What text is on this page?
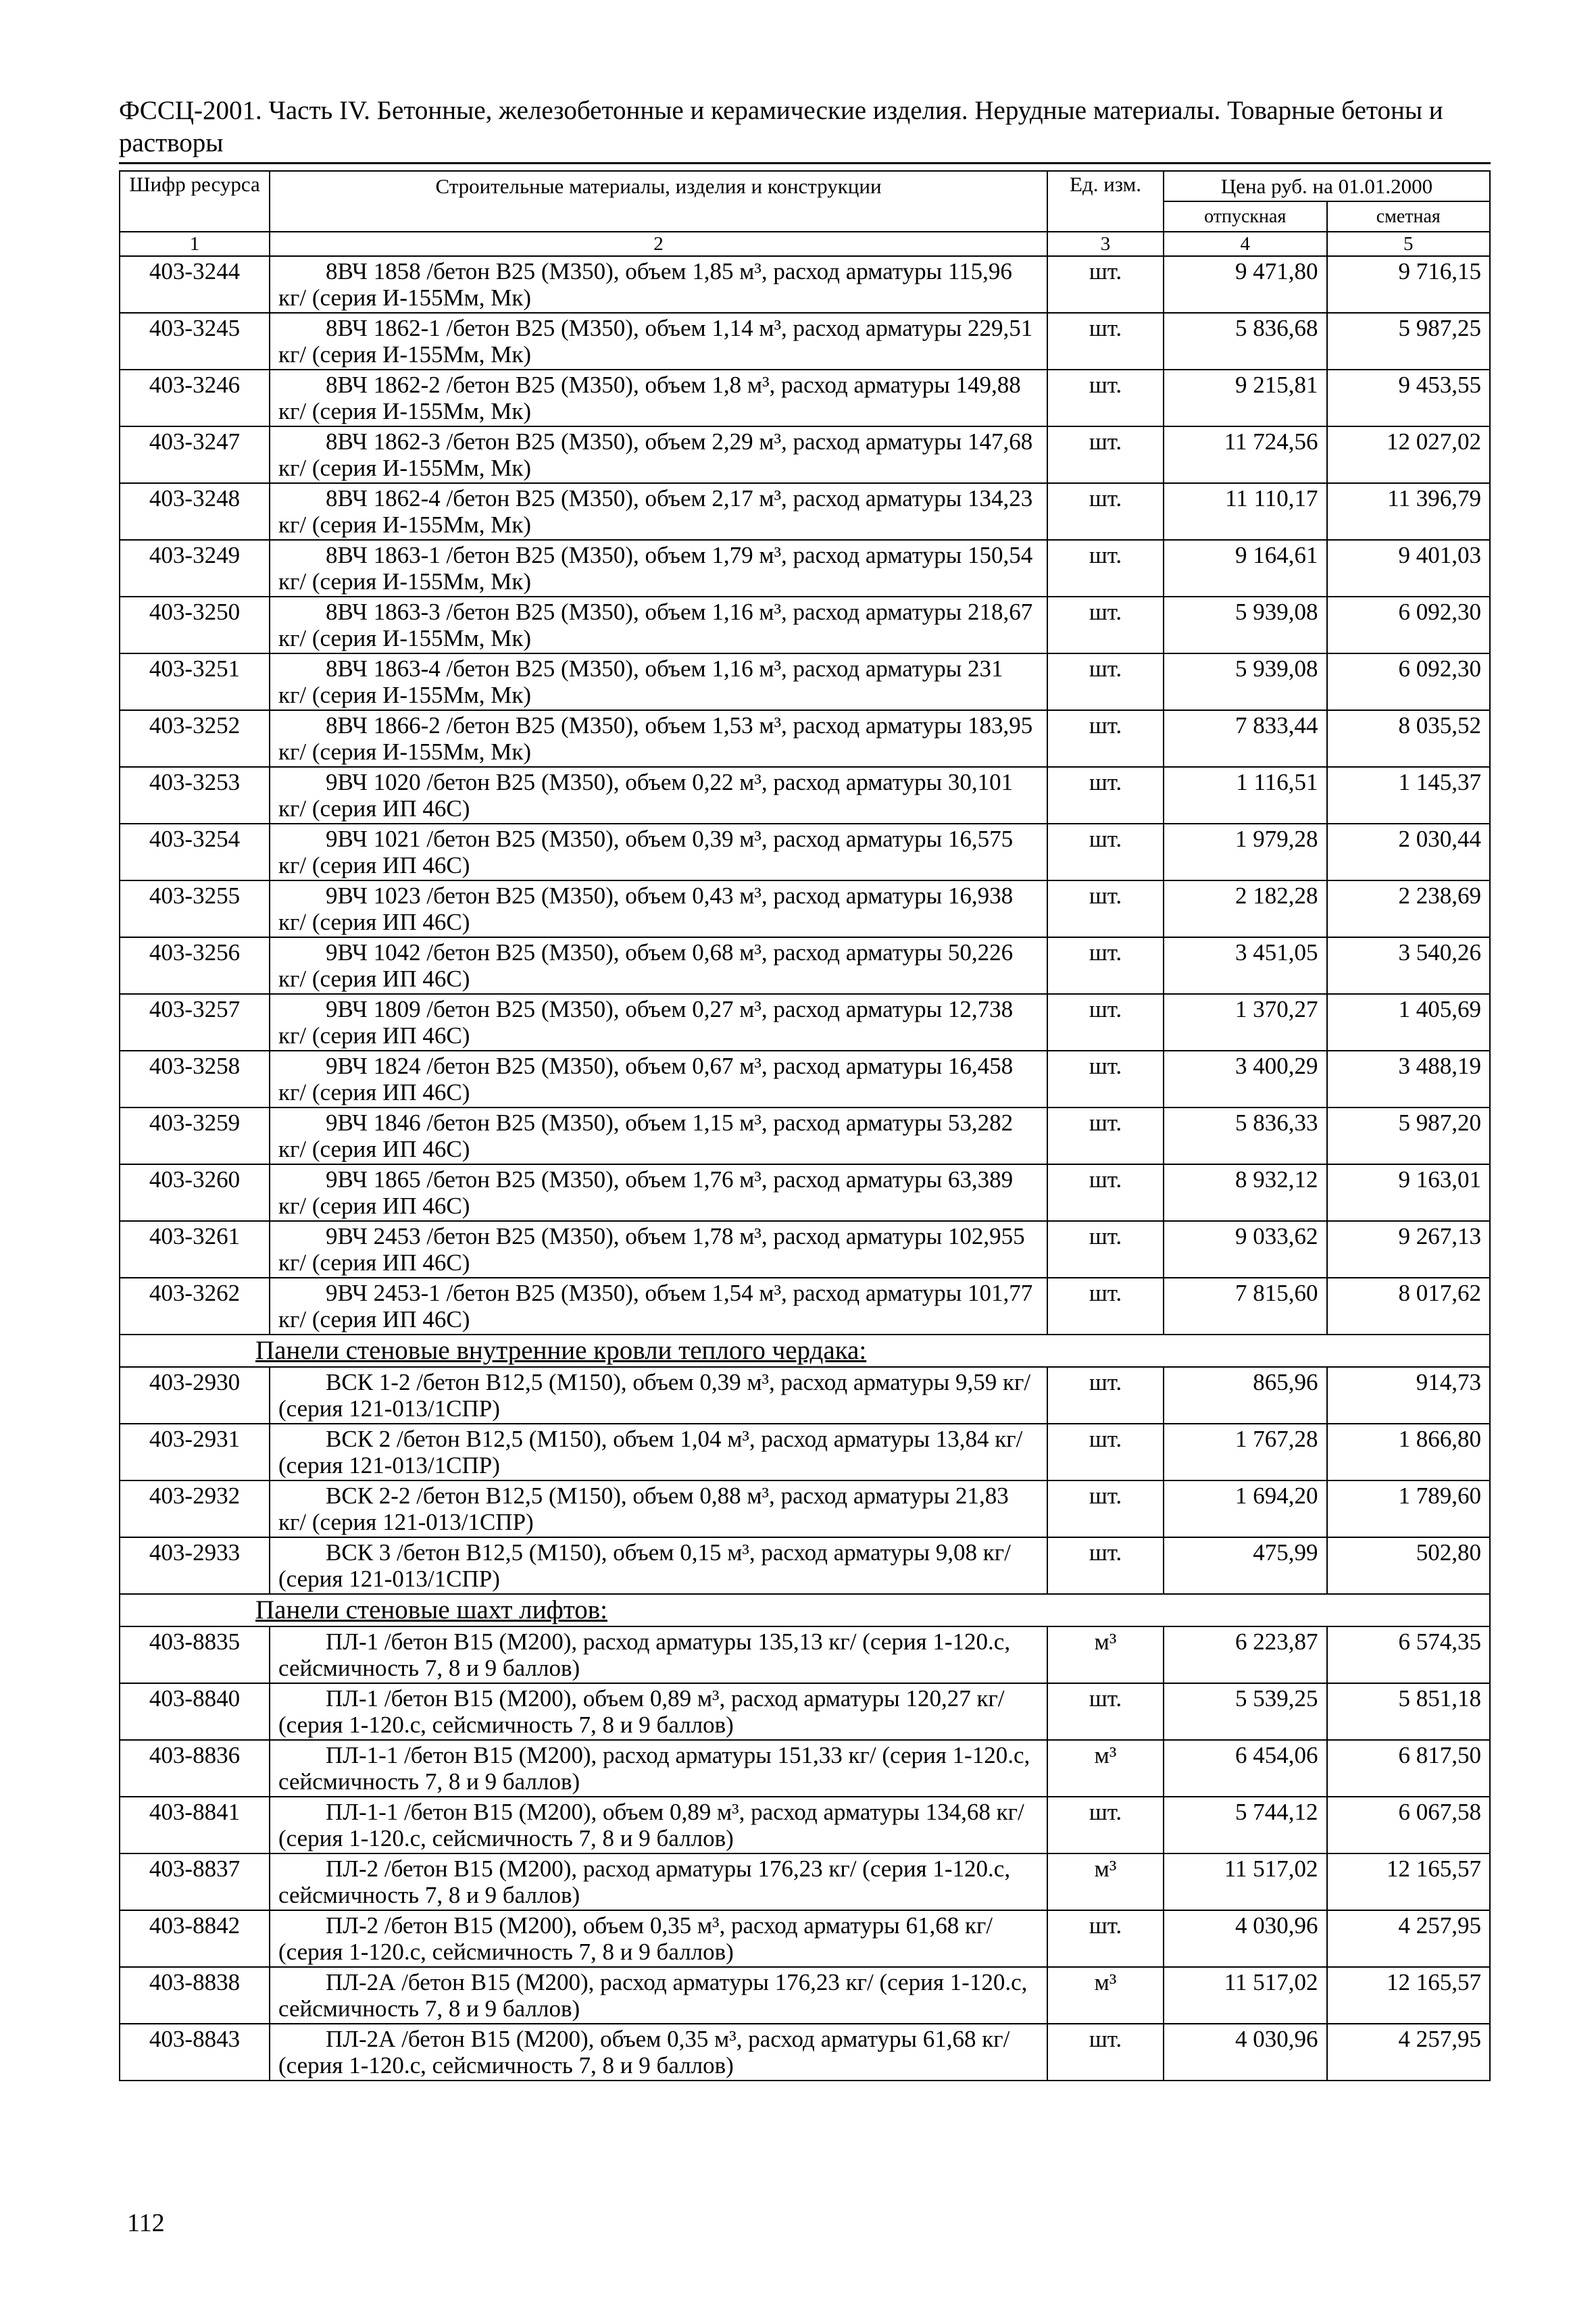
ФССЦ-2001. Часть IV. Бетонные, железобетонные и керамические изделия. Нерудные материалы. Товарные бетоны и растворы
Шифр ресурса	Строительные материалы, изделия и конструкции	Ед. изм.	Цена руб. на 01.01.2000	
			отпускная	сметная
1	2	3	4	5
403-3244	8ВЧ 1858 /бетон В25 (М350), объем 1,85 м³, расход арматуры 115,96
кг/ (серия И-155Мм, Мк)	шт.	9 471,80	9 716,15
403-3245	8ВЧ 1862-1 /бетон В25 (М350), объем 1,14 м³, расход арматуры 229,51
кг/ (серия И-155Мм, Мк)	шт.	5 836,68	5 987,25
403-3246	8ВЧ 1862-2 /бетон В25 (М350), объем 1,8 м³, расход арматуры 149,88
кг/ (серия И-155Мм, Мк)	шт.	9 215,81	9 453,55
403-3247	8ВЧ 1862-3 /бетон В25 (М350), объем 2,29 м³, расход арматуры 147,68
кг/ (серия И-155Мм, Мк)	шт.	11 724,56	12 027,02
403-3248	8ВЧ 1862-4 /бетон В25 (М350), объем 2,17 м³, расход арматуры 134,23
кг/ (серия И-155Мм, Мк)	шт.	11 110,17	11 396,79
403-3249	8ВЧ 1863-1 /бетон В25 (М350), объем 1,79 м³, расход арматуры 150,54
кг/ (серия И-155Мм, Мк)	шт.	9 164,61	9 401,03
403-3250	8ВЧ 1863-3 /бетон В25 (М350), объем 1,16 м³, расход арматуры 218,67
кг/ (серия И-155Мм, Мк)	шт.	5 939,08	6 092,30
403-3251	8ВЧ 1863-4 /бетон В25 (М350), объем 1,16 м³, расход арматуры 231
кг/ (серия И-155Мм, Мк)	шт.	5 939,08	6 092,30
403-3252	8ВЧ 1866-2 /бетон В25 (М350), объем 1,53 м³, расход арматуры 183,95
кг/ (серия И-155Мм, Мк)	шт.	7 833,44	8 035,52
403-3253	9ВЧ 1020 /бетон В25 (М350), объем 0,22 м³, расход арматуры 30,101
кг/ (серия ИП 46С)	шт.	1 116,51	1 145,37
403-3254	9ВЧ 1021 /бетон В25 (М350), объем 0,39 м³, расход арматуры 16,575
кг/ (серия ИП 46С)	шт.	1 979,28	2 030,44
403-3255	9ВЧ 1023 /бетон В25 (М350), объем 0,43 м³, расход арматуры 16,938
кг/ (серия ИП 46С)	шт.	2 182,28	2 238,69
403-3256	9ВЧ 1042 /бетон В25 (М350), объем 0,68 м³, расход арматуры 50,226
кг/ (серия ИП 46С)	шт.	3 451,05	3 540,26
403-3257	9ВЧ 1809 /бетон В25 (М350), объем 0,27 м³, расход арматуры 12,738
кг/ (серия ИП 46С)	шт.	1 370,27	1 405,69
403-3258	9ВЧ 1824 /бетон В25 (М350), объем 0,67 м³, расход арматуры 16,458
кг/ (серия ИП 46С)	шт.	3 400,29	3 488,19
403-3259	9ВЧ 1846 /бетон В25 (М350), объем 1,15 м³, расход арматуры 53,282
кг/ (серия ИП 46С)	шт.	5 836,33	5 987,20
403-3260	9ВЧ 1865 /бетон В25 (М350), объем 1,76 м³, расход арматуры 63,389
кг/ (серия ИП 46С)	шт.	8 932,12	9 163,01
403-3261	9ВЧ 2453 /бетон В25 (М350), объем 1,78 м³, расход арматуры 102,955
кг/ (серия ИП 46С)	шт.	9 033,62	9 267,13
403-3262	9ВЧ 2453-1 /бетон В25 (М350), объем 1,54 м³, расход арматуры 101,77
кг/ (серия ИП 46С)	шт.	7 815,60	8 017,62
Панели стеновые внутренние кровли теплого чердака:				
403-2930	ВСК 1-2 /бетон В12,5 (М150), объем 0,39 м³, расход арматуры 9,59 кг/
(серия 121-013/1СПР)	шт.	865,96	914,73
403-2931	ВСК 2 /бетон В12,5 (М150), объем 1,04 м³, расход арматуры 13,84 кг/
(серия 121-013/1СПР)	шт.	1 767,28	1 866,80
403-2932	ВСК 2-2 /бетон В12,5 (М150), объем 0,88 м³, расход арматуры 21,83
кг/ (серия 121-013/1СПР)	шт.	1 694,20	1 789,60
403-2933	ВСК 3 /бетон В12,5 (М150), объем 0,15 м³, расход арматуры 9,08 кг/
(серия 121-013/1СПР)	шт.	475,99	502,80
Панели стеновые шахт лифтов:				
403-8835	ПЛ-1 /бетон В15 (М200), расход арматуры 135,13 кг/ (серия 1-120.с,
сейсмичность 7, 8 и 9 баллов)	м³	6 223,87	6 574,35
403-8840	ПЛ-1 /бетон В15 (М200), объем 0,89 м³, расход арматуры 120,27 кг/
(серия 1-120.с, сейсмичность 7, 8 и 9 баллов)	шт.	5 539,25	5 851,18
403-8836	ПЛ-1-1 /бетон В15 (М200), расход арматуры 151,33 кг/ (серия 1-120.с,
сейсмичность 7, 8 и 9 баллов)	м³	6 454,06	6 817,50
403-8841	ПЛ-1-1 /бетон В15 (М200), объем 0,89 м³, расход арматуры 134,68 кг/
(серия 1-120.с, сейсмичность 7, 8 и 9 баллов)	шт.	5 744,12	6 067,58
403-8837	ПЛ-2 /бетон В15 (М200), расход арматуры 176,23 кг/ (серия 1-120.с,
сейсмичность 7, 8 и 9 баллов)	м³	11 517,02	12 165,57
403-8842	ПЛ-2 /бетон В15 (М200), объем 0,35 м³, расход арматуры 61,68 кг/
(серия 1-120.с, сейсмичность 7, 8 и 9 баллов)	шт.	4 030,96	4 257,95
403-8838	ПЛ-2А /бетон В15 (М200), расход арматуры 176,23 кг/ (серия 1-120.с,
сейсмичность 7, 8 и 9 баллов)	м³	11 517,02	12 165,57
403-8843	ПЛ-2А /бетон В15 (М200), объем 0,35 м³, расход арматуры 61,68 кг/
(серия 1-120.с, сейсмичность 7, 8 и 9 баллов)	шт.	4 030,96	4 257,95
112
